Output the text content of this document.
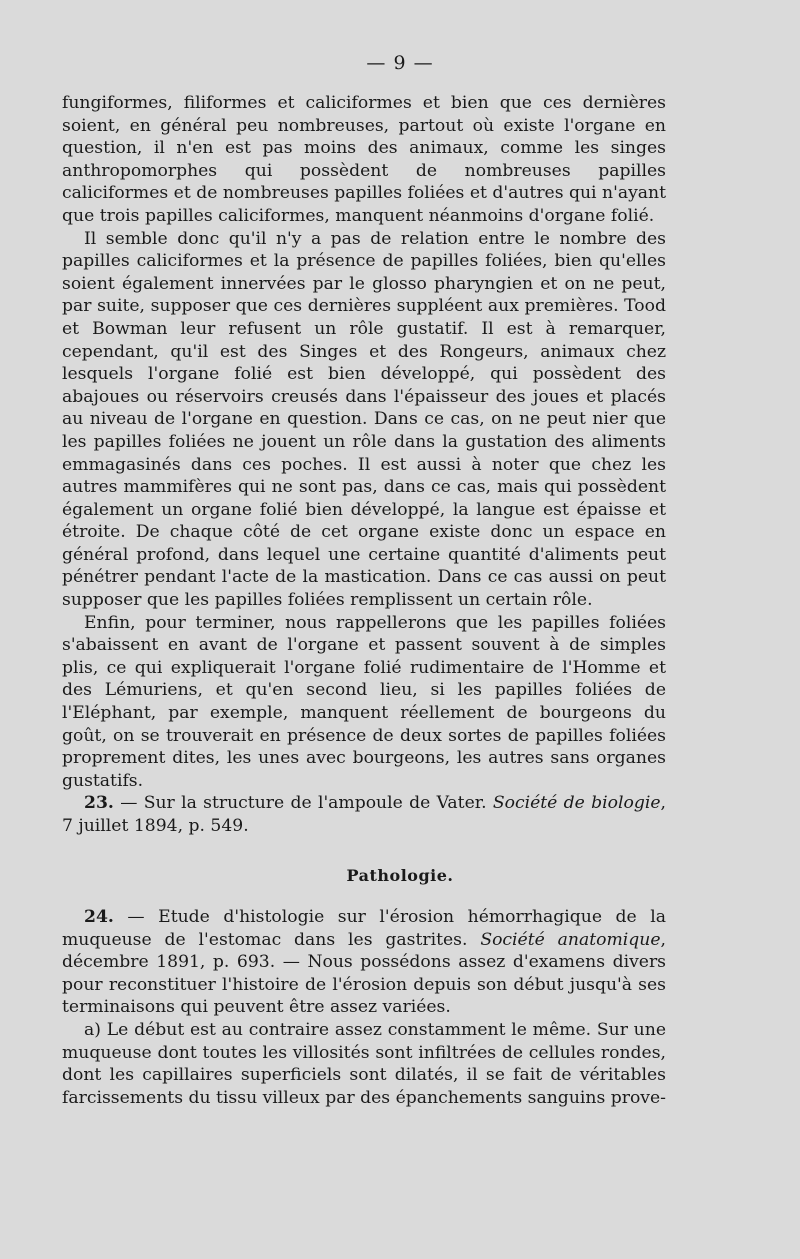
— 9 —

fungiformes, filiformes et caliciformes et bien que ces dernières soient, en général peu nombreuses, partout où existe l'organe en question, il n'en est pas moins des animaux, comme les singes anthropomorphes qui possèdent de nombreuses papilles caliciformes et de nombreuses papilles foliées et d'autres qui n'ayant que trois papilles caliciformes, manquent néanmoins d'organe folié.

Il semble donc qu'il n'y a pas de relation entre le nombre des papilles caliciformes et la présence de papilles foliées, bien qu'elles soient également innervées par le glosso pharyngien et on ne peut, par suite, supposer que ces dernières suppléent aux premières. Tood et Bowman leur refusent un rôle gustatif. Il est à remarquer, cependant, qu'il est des Singes et des Rongeurs, animaux chez lesquels l'organe folié est bien développé, qui possèdent des abajoues ou réservoirs creusés dans l'épaisseur des joues et placés au niveau de l'organe en question. Dans ce cas, on ne peut nier que les papilles foliées ne jouent un rôle dans la gustation des aliments emmagasinés dans ces poches. Il est aussi à noter que chez les autres mammifères qui ne sont pas, dans ce cas, mais qui possèdent également un organe folié bien développé, la langue est épaisse et étroite. De chaque côté de cet organe existe donc un espace en général profond, dans lequel une certaine quantité d'aliments peut pénétrer pendant l'acte de la mastication. Dans ce cas aussi on peut supposer que les papilles foliées remplissent un certain rôle.

Enfin, pour terminer, nous rappellerons que les papilles foliées s'abaissent en avant de l'organe et passent souvent à de simples plis, ce qui expliquerait l'organe folié rudimentaire de l'Homme et des Lémuriens, et qu'en second lieu, si les papilles foliées de l'Eléphant, par exemple, manquent réellement de bourgeons du goût, on se trouverait en présence de deux sortes de papilles foliées proprement dites, les unes avec bourgeons, les autres sans organes gustatifs.

23. — Sur la structure de l'ampoule de Vater. Société de biologie, 7 juillet 1894, p. 549.

Pathologie.

24. — Etude d'histologie sur l'érosion hémorrhagique de la muqueuse de l'estomac dans les gastrites. Société anatomique, décembre 1891, p. 693. — Nous possédons assez d'examens divers pour reconstituer l'histoire de l'érosion depuis son début jusqu'à ses terminaisons qui peuvent être assez variées.

a) Le début est au contraire assez constamment le même. Sur une muqueuse dont toutes les villosités sont infiltrées de cellules rondes, dont les capillaires superficiels sont dilatés, il se fait de véritables farcissements du tissu villeux par des épanchements sanguins prove-
